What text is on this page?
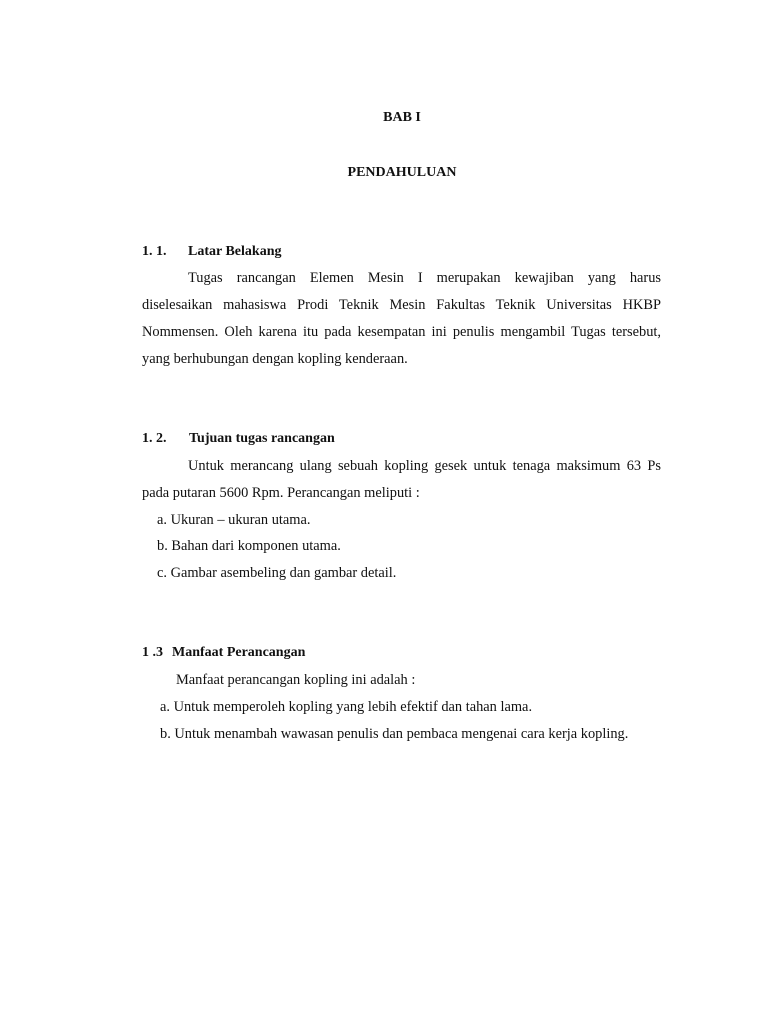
BAB I
PENDAHULUAN
1. 1. Latar Belakang
Tugas rancangan Elemen Mesin I merupakan kewajiban yang harus
diselesaikan mahasiswa Prodi Teknik Mesin Fakultas Teknik Universitas HKBP
Nommensen. Oleh karena itu pada kesempatan ini penulis mengambil Tugas tersebut,
yang berhubungan dengan kopling kenderaan.
1. 2. Tujuan tugas rancangan
Untuk merancang ulang sebuah kopling gesek untuk tenaga maksimum 63 Ps
pada putaran 5600 Rpm. Perancangan meliputi :
a. Ukuran – ukuran utama.
b. Bahan dari komponen utama.
c. Gambar asembeling dan gambar detail.
1 .3 Manfaat Perancangan
Manfaat perancangan kopling ini adalah :
a. Untuk memperoleh kopling yang lebih efektif dan tahan lama.
b. Untuk menambah wawasan penulis dan pembaca mengenai cara kerja kopling.
